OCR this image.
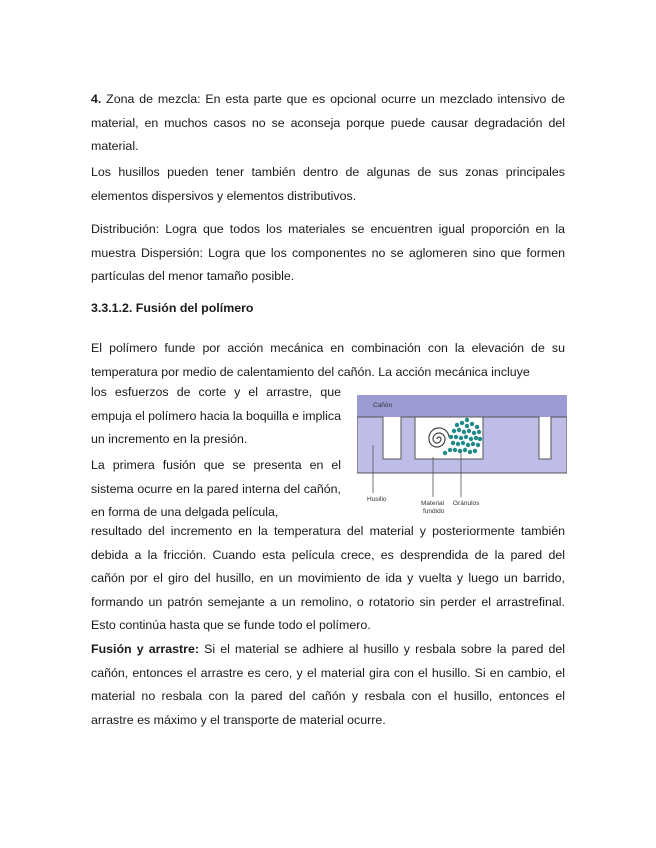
4. Zona de mezcla: En esta parte que es opcional ocurre un mezclado intensivo de material, en muchos casos no se aconseja porque puede causar degradación del material.

Los husillos pueden tener también dentro de algunas de sus zonas principales elementos dispersivos y elementos distributivos.

Distribución: Logra que todos los materiales se encuentren igual proporción en la muestra Dispersión: Logra que los componentes no se aglomeren sino que formen partículas del menor tamaño posible.

3.3.1.2. Fusión del polímero

El polímero funde por acción mecánica en combinación con la elevación de su temperatura por medio de calentamiento del cañón. La acción mecánica incluye

los esfuerzos de corte y el arrastre, que empuja el polímero hacia la boquilla e implica un incremento en la presión.

La primera fusión que se presenta en el sistema ocurre en la pared interna del cañón, en forma de una delgada película,

resultado del incremento en la temperatura del material y posteriormente también debida a la fricción. Cuando esta película crece, es desprendida de la pared del cañón por el giro del husillo, en un movimiento de ida y vuelta y luego un barrido, formando un patrón semejante a un remolino, o rotatorio sin perder el arrastrefinal. Esto continúa hasta que se funde todo el polímero.

Fusión y arrastre: Si el material se adhiere al husillo y resbala sobre la pared del cañón, entonces el arrastre es cero, y el material gira con el husillo. Si en cambio, el material no resbala con la pared del cañón y resbala con el husillo, entonces el arrastre es máximo y el transporte de material ocurre.

Cañón
Husillo
Material
fundido
Gránulos
